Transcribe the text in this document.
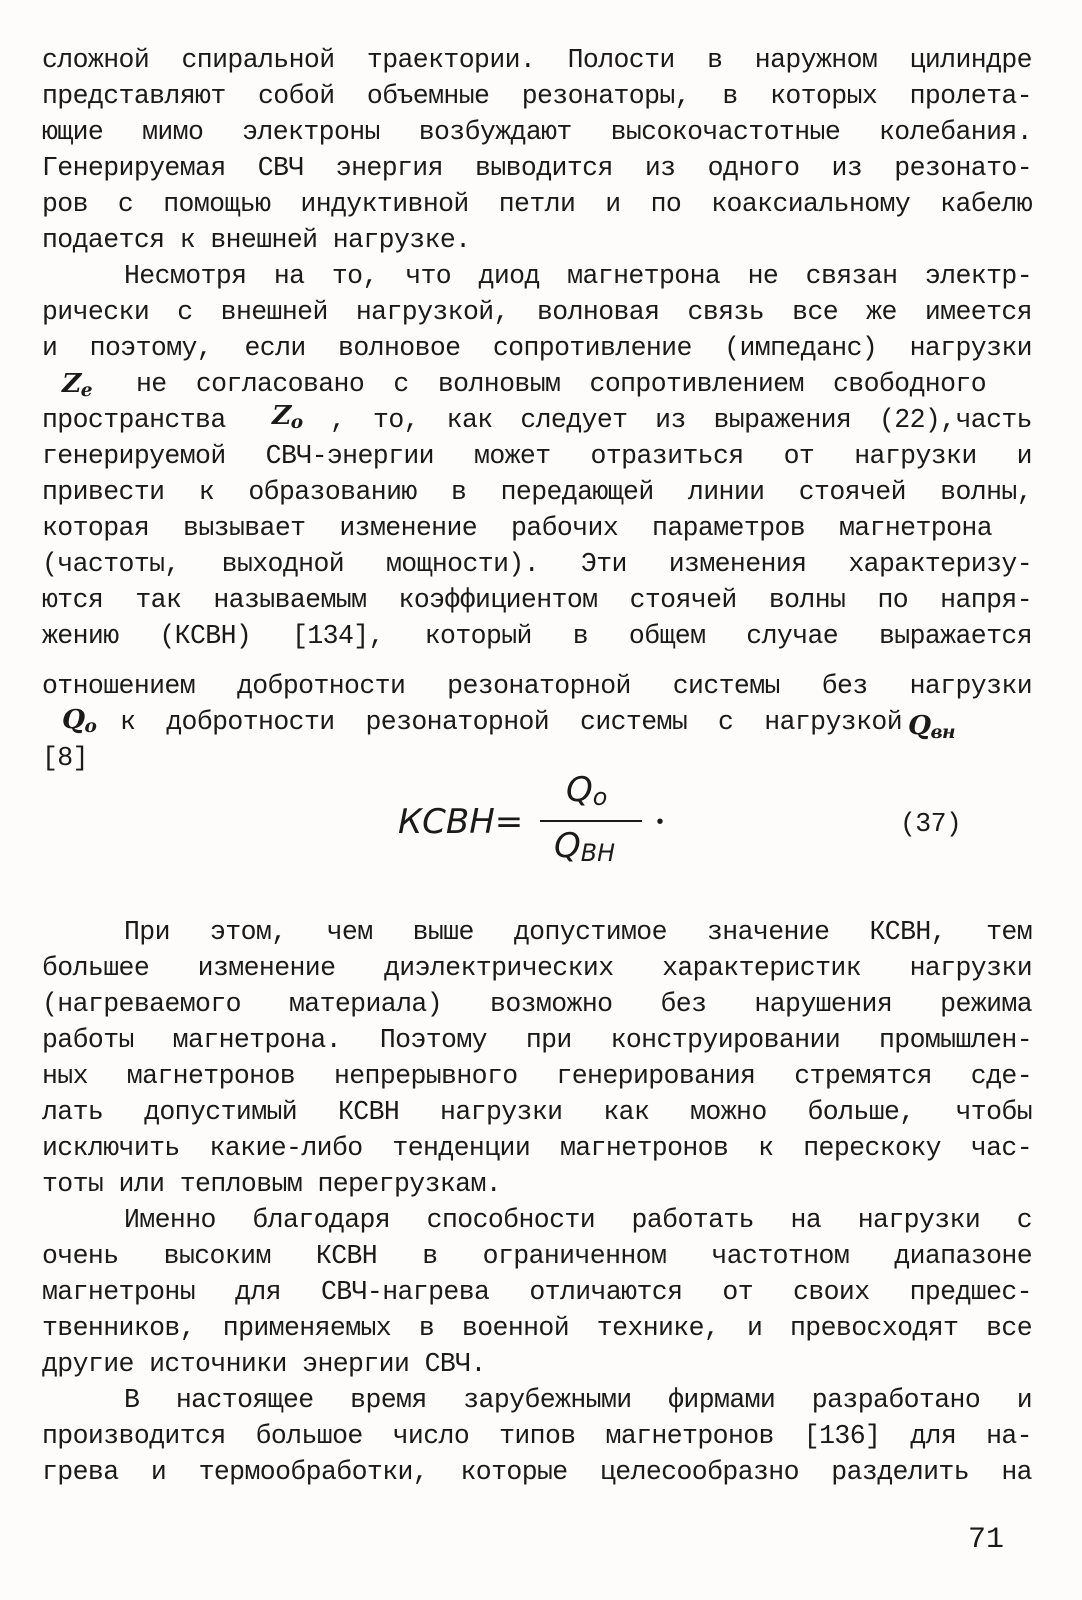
сложной спиральной траектории. Полости в наружном цилиндре
представляют собой объемные резонаторы, в которых пролета-
ющие мимо электроны возбуждают высокочастотные колебания.
Генерируемая СВЧ энергия выводится из одного из резонато-
ров с помощью индуктивной петли и по коаксиальному кабелю
подается к внешней нагрузке.
Несмотря на то, что диод магнетрона не связан электр-
рически с внешней нагрузкой, волновая связь все же имеется
и поэтому, если волновое сопротивление (импеданс) нагрузки
$Z_e$	не согласовано с волновым сопротивлением свободного
пространства	$Z_o$	, то, как следует из выражения (22),часть
генерируемой СВЧ-энергии может отразиться от нагрузки и
привести к образованию в передающей линии стоячей волны,
которая вызывает изменение рабочих параметров магнетрона
(частоты, выходной мощности). Эти изменения характеризу-
ются так называемым коэффициентом стоячей волны по напря-
жению (КСВН) [134], который в общем случае выражается
отношением добротности резонаторной системы без нагрузки
$Q_o$ к добротности резонаторной системы с нагрузкой $Q_{вн}$
[8]
КСВН=
Qo
QВН
•	(37)
При этом, чем выше допустимое значение КСВН, тем
большее изменение диэлектрических характеристик нагрузки
(нагреваемого материала) возможно без нарушения режима
работы магнетрона. Поэтому при конструировании промышлен-
ных магнетронов непрерывного генерирования стремятся сде-
лать допустимый КСВН нагрузки как можно больше, чтобы
исключить какие-либо тенденции магнетронов к перескоку час-
тоты или тепловым перегрузкам.
Именно благодаря способности работать на нагрузки с
очень высоким КСВН в ограниченном частотном диапазоне
магнетроны для СВЧ-нагрева отличаются от своих предшес-
твенников, применяемых в военной технике, и превосходят все
другие источники энергии СВЧ.
В настоящее время зарубежными фирмами разработано и
производится большое число типов магнетронов [136] для на-
грева и термообработки, которые целесообразно разделить на
71
